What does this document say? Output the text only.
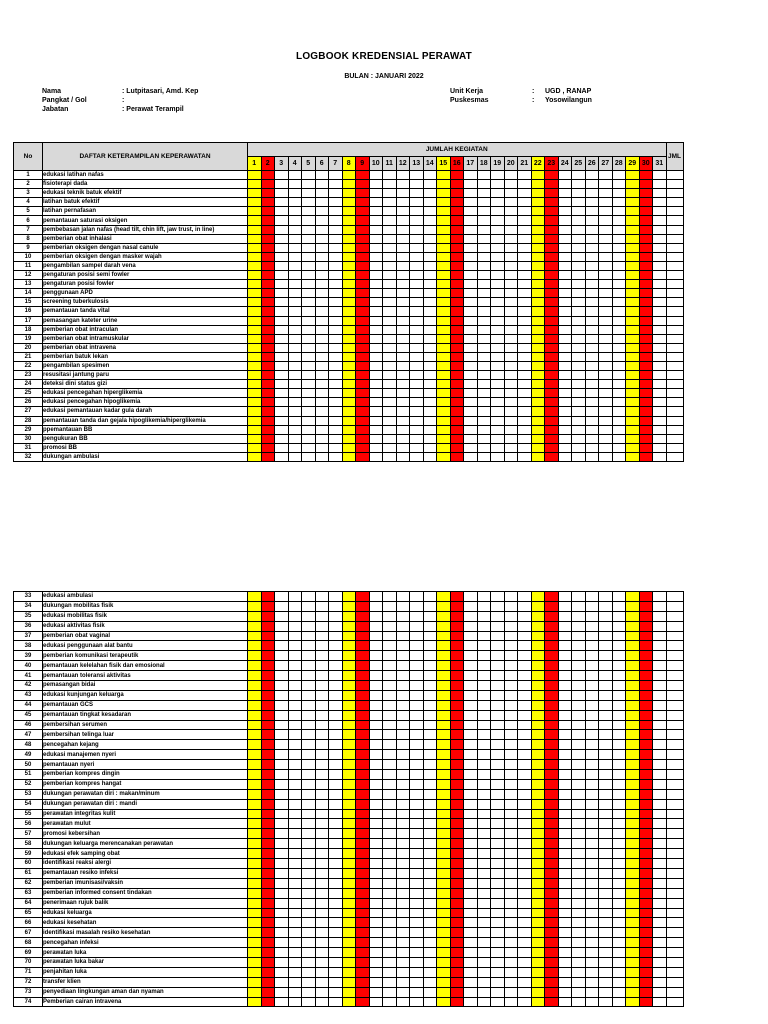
LOGBOOK KREDENSIAL PERAWAT
BULAN : JANUARI 2022
Nama	: Lutpitasari, Amd. Kep
Pangkat / Gol	:
Jabatan	: Perawat Terampil
Unit Kerja	: UGD , RANAP
Puskesmas	: Yosowilangun
No	DAFTAR KETERAMPILAN KEPERAWATAN	JUMLAH KEGIATAN																															JML
		1	2	3	4	5	6	7	8	9	10	11	12	13	14	15	16	17	18	19	20	21	22	23	24	25	26	27	28	29	30	31	
1	edukasi latihan nafas																																
2	fisioterapi dada																																
3	edukasi teknik batuk efektif																																
4	latihan batuk efektif																																
5	latihan pernafasan																																
6	pemantauan saturasi oksigen																																
7	pembebasan jalan nafas (head tilt, chin lift, jaw trust, in line)																																
8	pemberian obat inhalasi																																
9	pemberian oksigen dengan nasal canule																																
10	pemberian oksigen dengan masker wajah																																
11	pengambilan sampel darah vena																																
12	pengaturan posisi semi fowler																																
13	pengaturan posisi fowler																																
14	penggunaan APD																																
15	screening tuberkulosis																																
16	pemantauan tanda vital																																
17	pemasangan kateter urine																																
18	pemberian obat intraculan																																
19	pemberian obat intramuskular																																
20	pemberian obat intravena																																
21	pemberian batuk lekan																																
22	pengambilan spesimen																																
23	resusitasi jantung paru																																
24	deteksi dini status gizi																																
25	edukasi pencegahan hiperglikemia																																
26	edukasi pencegahan hipoglikemia																																
27	edukasi pemantauan kadar gula darah																																
28	pemantauan tanda dan gejala hipoglikemia/hiperglikemia																																
29	ppemantauan BB																																
30	pengukuran BB																																
31	promosi BB																																
32	dukungan ambulasi																																
33	edukasi ambulasi																																
34	dukungan mobilitas fisik																																
35	edukasi mobilitas fisik																																
36	edukasi aktivitas fisik																																
37	pemberian obat vaginal																																
38	edukasi penggunaan alat bantu																																
39	pemberian komunikasi terapeutik																																
40	pemantauan kelelahan fisik dan emosional																																
41	pemantauan toleransi aktivitas																																
42	pemasangan bidai																																
43	edukasi kunjungan keluarga																																
44	pemantauan GCS																																
45	pemantauan tingkat kesadaran																																
46	pembersihan serumen																																
47	pembersihan telinga luar																																
48	pencegahan kejang																																
49	edukasi manajemen nyeri																																
50	pemantauan nyeri																																
51	pemberian kompres dingin																																
52	pemberian kompres hangat																																
53	dukungan perawatan diri : makan/minum																																
54	dukungan perawatan diri : mandi																																
55	perawatan integritas kulit																																
56	perawatan mulut																																
57	promosi kebersihan																																
58	dukungan keluarga merencanakan perawatan																																
59	edukasi efek samping obat																																
60	identifikasi reaksi alergi																																
61	pemantauan resiko infeksi																																
62	pemberian imunisasi/vaksin																																
63	pemberian informed consent tindakan																																
64	penerimaan rujuk balik																																
65	edukasi keluarga																																
66	edukasi kesehatan																																
67	identifikasi masalah resiko kesehatan																																
68	pencegahan infeksi																																
69	perawatan luka																																
70	perawatan luka bakar																																
71	penjahitan luka																																
72	transfer klien																																
73	penyediaan lingkungan aman dan nyaman																																
74	Pemberian cairan intravena																																
